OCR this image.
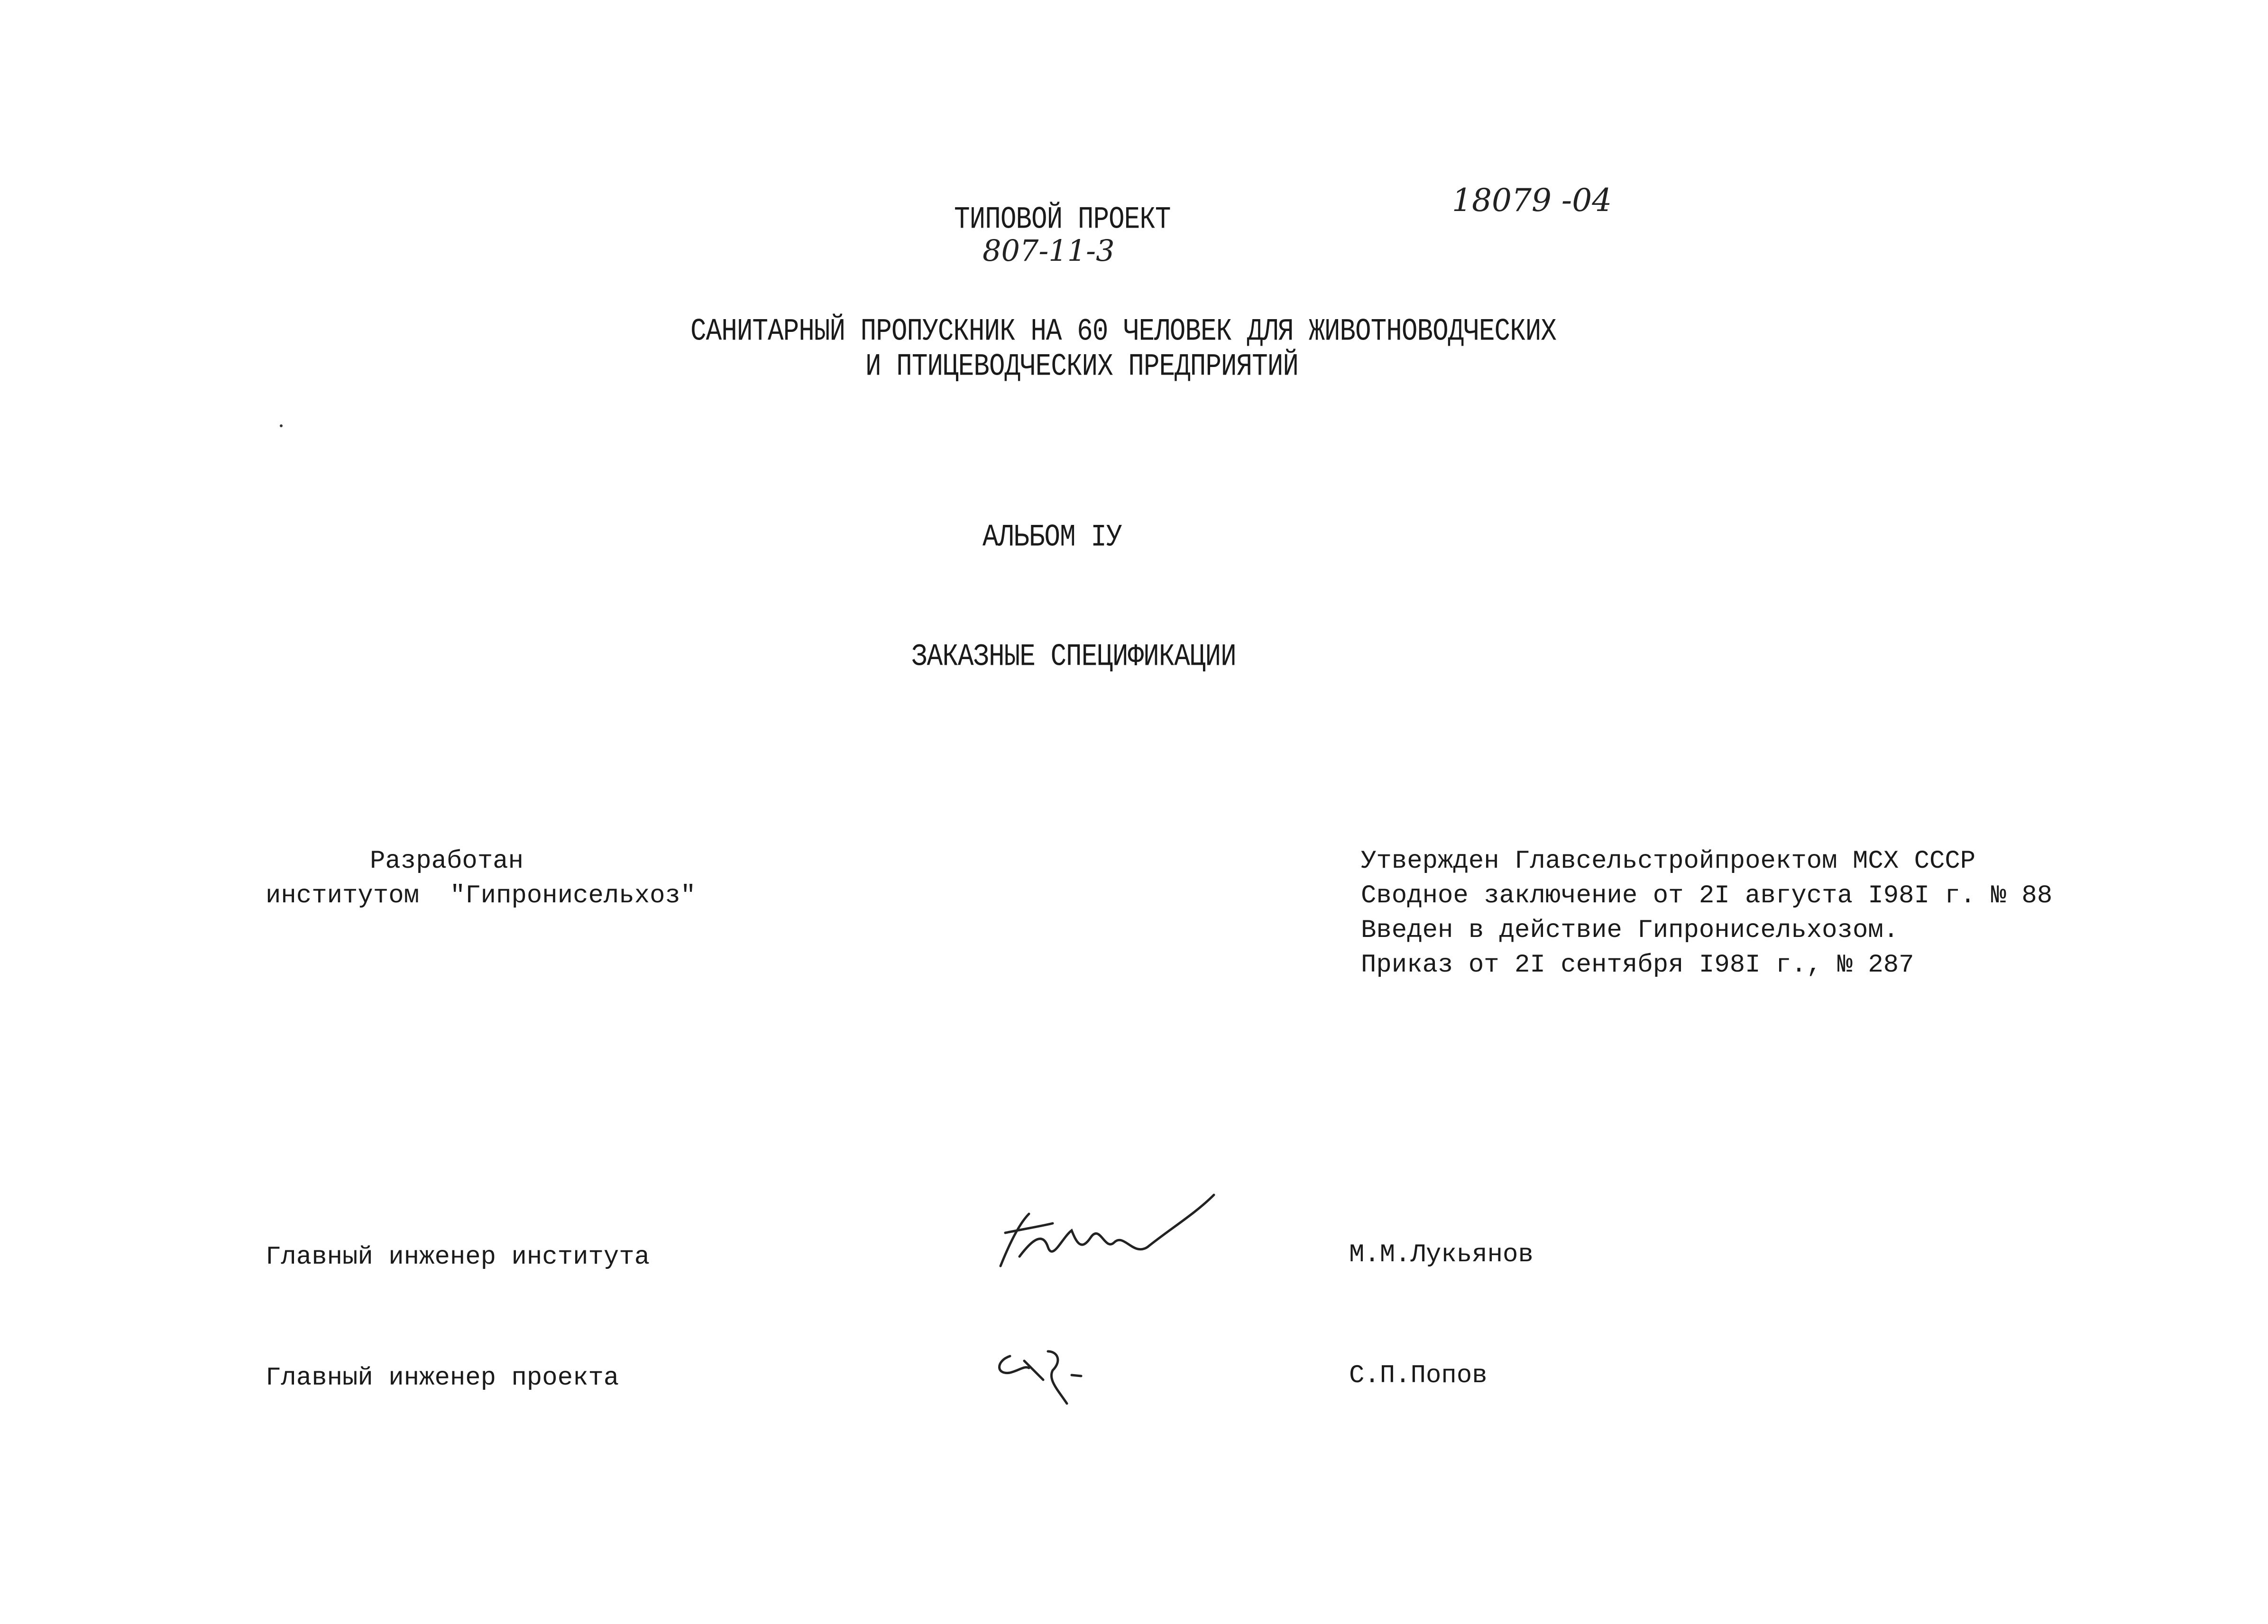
ТИПОВОЙ ПРОЕКТ
807-11-3
18079 -04
САНИТАРНЫЙ ПРОПУСКНИК НА 60 ЧЕЛОВЕК ДЛЯ ЖИВОТНОВОДЧЕСКИХ
И ПТИЦЕВОДЧЕСКИХ ПРЕДПРИЯТИЙ
АЛЬБОМ IУ
ЗАКАЗНЫЕ СПЕЦИФИКАЦИИ
Разработан
институтом  "Гипронисельхоз"
Утвержден Главсельстройпроектом МСХ СССР
Сводное заключение от 2I августа I98I г. № 88
Введен в действие Гипронисельхозом.
Приказ от 2I сентября I98I г., № 287
Главный инженер института	М.М.Лукьянов
Главный инженер проекта	С.П.Попов
